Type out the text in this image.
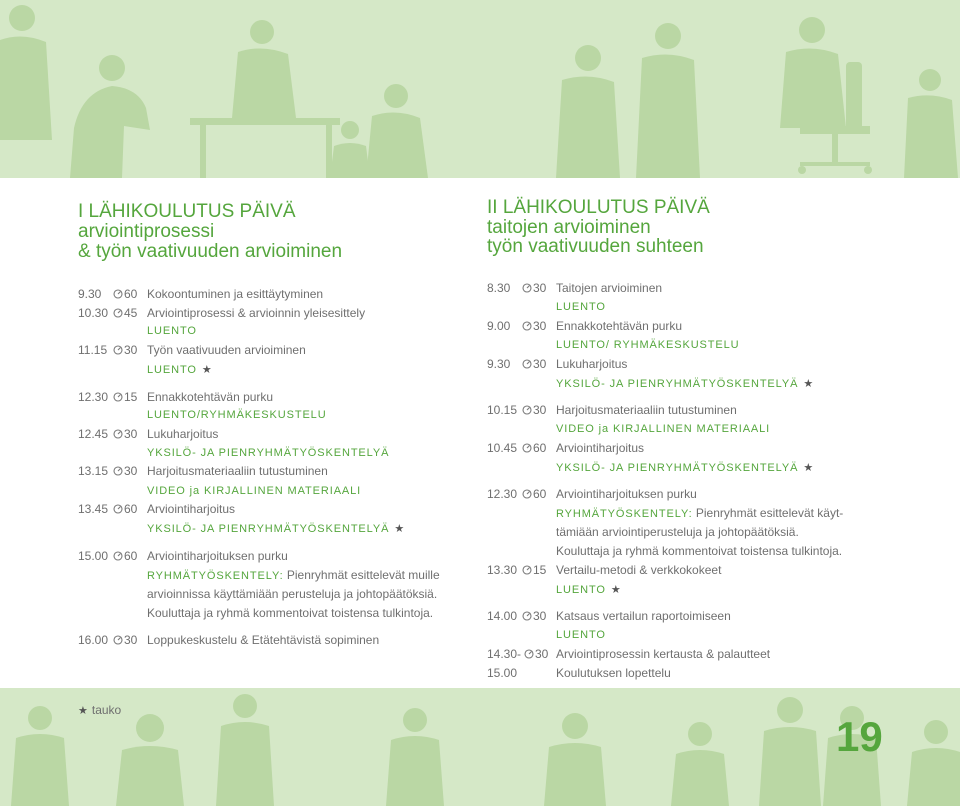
I LÄHIKOULUTUS PÄIVÄ
arviointiprosessi
& työn vaativuuden arvioiminen
9.30 60 Kokoontuminen ja esittäytyminen
10.30 45 Arviointiprosessi & arvioinnin yleisesittely
LUENTO
11.15 30 Työn vaativuuden arvioiminen
LUENTO ★
12.30 15 Ennakkotehtävän purku
LUENTO/RYHMÄKESKUSTELU
12.45 30 Lukuharjoitus
YKSILÖ- JA PIENRYHMÄTYÖSKENTELYÄ
13.15 30 Harjoitusmateriaaliin tutustuminen
VIDEO ja KIRJALLINEN MATERIAALI
13.45 60 Arviointiharjoitus
YKSILÖ- JA PIENRYHMÄTYÖSKENTELYÄ ★
15.00 60 Arviointiharjoituksen purku
RYHMÄTYÖSKENTELY: Pienryhmät esittelevät muille
arvioinnissa käyttämiään perusteluja ja johtopäätöksiä.
Kouluttaja ja ryhmä kommentoivat toistensa tulkintoja.
16.00 30 Loppukeskustelu & Etätehtävistä sopiminen
II LÄHIKOULUTUS PÄIVÄ
taitojen arvioiminen
työn vaativuuden suhteen
8.30 30 Taitojen arvioiminen
LUENTO
9.00 30 Ennakkotehtävän purku
LUENTO/ RYHMÄKESKUSTELU
9.30 30 Lukuharjoitus
YKSILÖ- JA PIENRYHMÄTYÖSKENTELYÄ ★
10.15 30 Harjoitusmateriaaliin tutustuminen
VIDEO ja KIRJALLINEN MATERIAALI
10.45 60 Arviointiharjoitus
YKSILÖ- JA PIENRYHMÄTYÖSKENTELYÄ ★
12.30 60 Arviointiharjoituksen purku
RYHMÄTYÖSKENTELY: Pienryhmät esittelevät käyt-
tämiään arviointiperusteluja ja johtopäätöksiä.
Kouluttaja ja ryhmä kommentoivat toistensa tulkintoja.
13.30 15 Vertailu-metodi & verkkokokeet
LUENTO ★
14.00 30 Katsaus vertailun raportoimiseen
LUENTO
14.30- 30 Arviointiprosessin kertausta & palautteet
15.00	Koulutuksen lopettelu
★ tauko
19
